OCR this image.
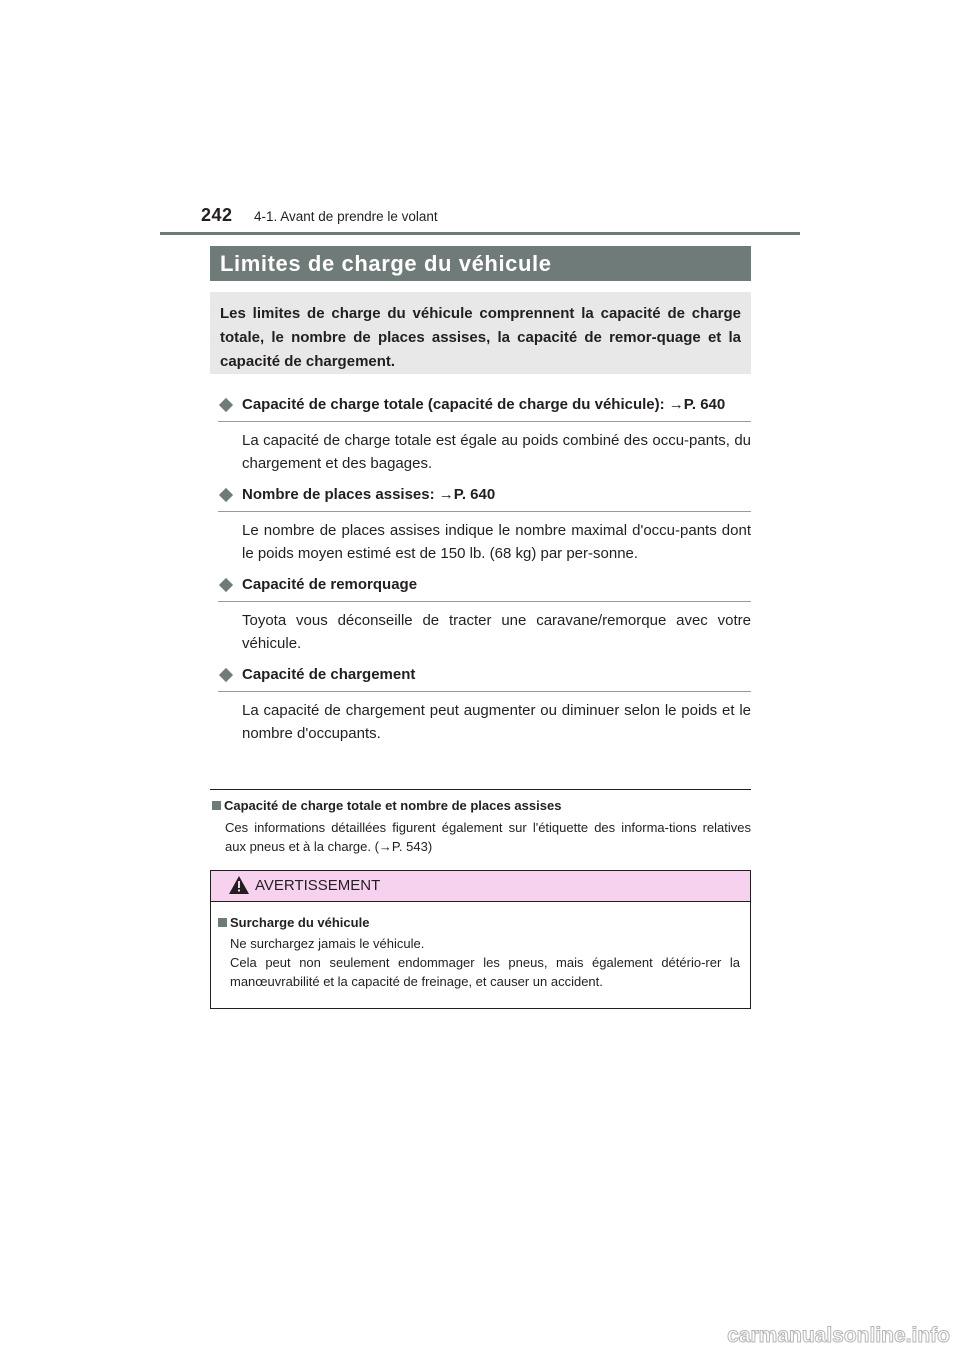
242 4-1. Avant de prendre le volant
Limites de charge du véhicule
Les limites de charge du véhicule comprennent la capacité de charge totale, le nombre de places assises, la capacité de remor-quage et la capacité de chargement.
Capacité de charge totale (capacité de charge du véhicule): →P. 640
La capacité de charge totale est égale au poids combiné des occu-pants, du chargement et des bagages.
Nombre de places assises: →P. 640
Le nombre de places assises indique le nombre maximal d'occu-pants dont le poids moyen estimé est de 150 lb. (68 kg) par per-sonne.
Capacité de remorquage
Toyota vous déconseille de tracter une caravane/remorque avec votre véhicule.
Capacité de chargement
La capacité de chargement peut augmenter ou diminuer selon le poids et le nombre d'occupants.
Capacité de charge totale et nombre de places assises
Ces informations détaillées figurent également sur l'étiquette des informa-tions relatives aux pneus et à la charge. (→P. 543)
AVERTISSEMENT
Surcharge du véhicule

Ne surchargez jamais le véhicule.

Cela peut non seulement endommager les pneus, mais également détério-rer la manœuvrabilité et la capacité de freinage, et causer un accident.

carmanualsonline.info
